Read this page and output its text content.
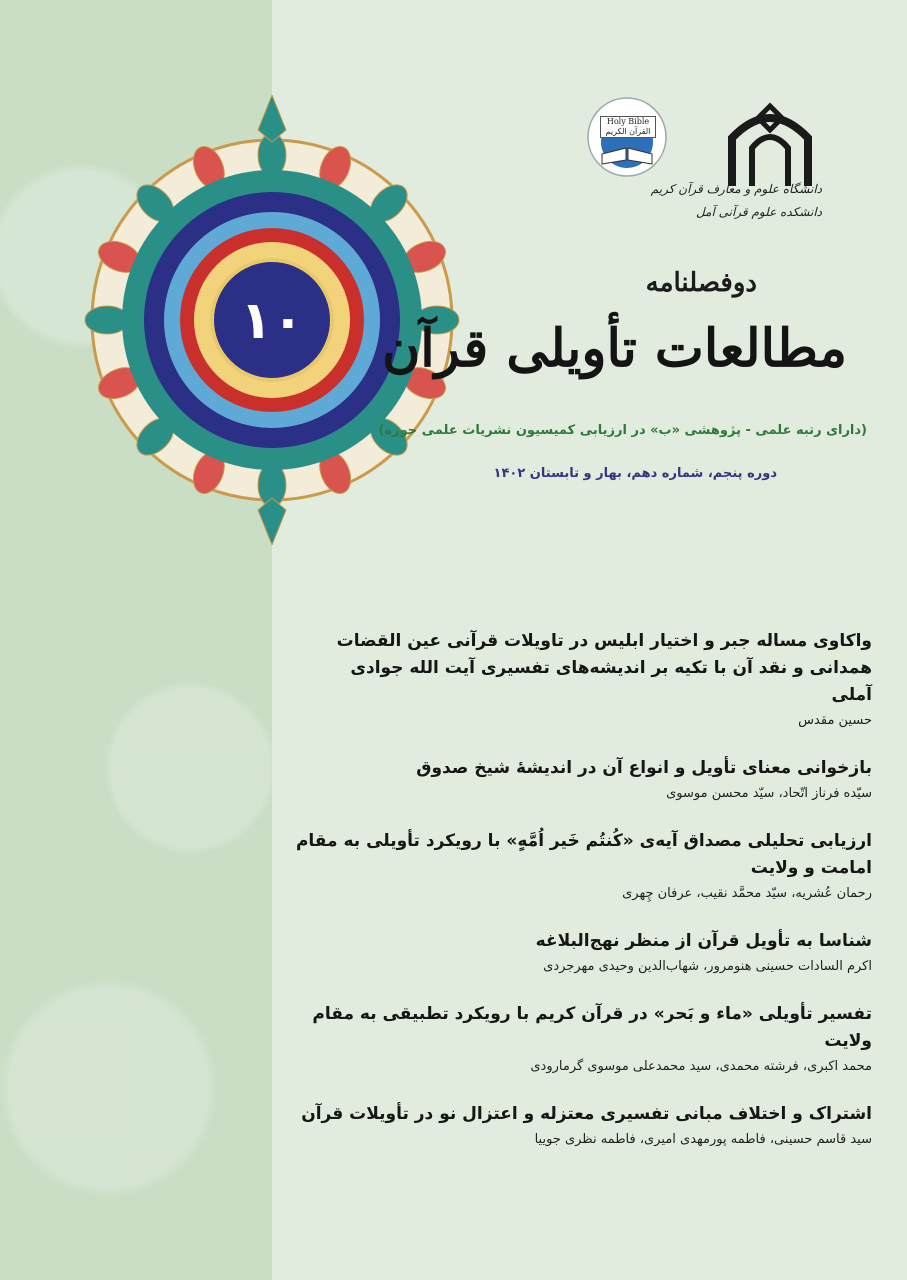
۱۰
دانشگاه علوم و معارف قرآن کریم
دانشکده علوم قرآنی آمل
Holy Bible القرآن الکریم
دوفصلنامه
مطالعات تأویلی قرآن
(دارای رتبه علمی - پژوهشی «ب» در ارزیابی کمیسیون نشریات علمی حوزه)
دوره پنجم، شماره دهم، بهار و تابستان ۱۴۰۲
واکاوی مساله جبر و اختیار ابلیس در تاویلات قرآنی عین القضات همدانی و نقد آن با تکیه بر اندیشه‌های تفسیری آیت الله جوادی آملی
حسین مقدس
بازخوانی معنای تأویل و انواع آن در اندیشهٔ شیخ صدوق
سیّده فرناز اتّحاد، سیّد محسن موسوی
ارزیابی تحلیلی مصداق آیه‌ی «کُنتُم خَیر اُمَّهٍ» با رویکرد تأویلی به مقام امامت و ولایت
رحمان عُشریه، سیّد محمَّد نقیب، عرفان چِهری
شناسا به تأویل قرآن از منظر نهج‌البلاغه
اکرم السادات حسینی هنومرور، شهاب‌الدین وحیدی مهرجردی
تفسیر تأویلی «ماء و بَحر» در قرآن کریم با رویکرد تطبیقی به مقام ولایت
محمد اکبری، فرشته محمدی، سید محمدعلی موسوی گرمارودی
اشتراک و اختلاف مبانی تفسیری معتزله و اعتزال نو در تأویلات قرآن
سید قاسم حسینی، فاطمه پورمهدی امیری، فاطمه نظری جوییا
